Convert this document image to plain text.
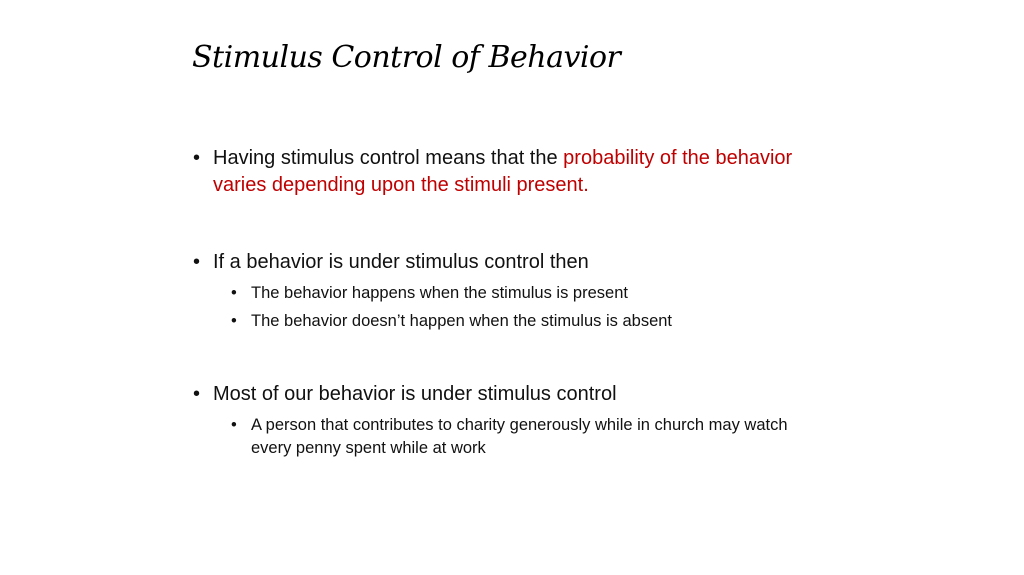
Stimulus Control of Behavior
• Having stimulus control means that the probability of the behavior varies depending upon the stimuli present.
• If a behavior is under stimulus control then
• The behavior happens when the stimulus is present
• The behavior doesn’t happen when the stimulus is absent
• Most of our behavior is under stimulus control
• A person that contributes to charity generously while in church may watch every penny spent while at work
